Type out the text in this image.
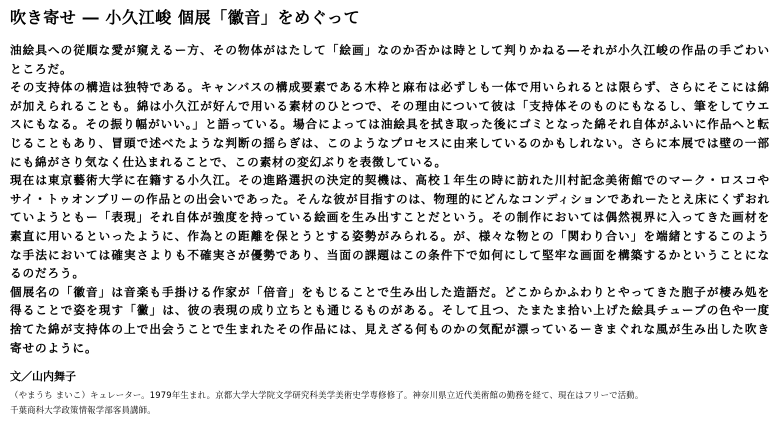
吹き寄せ ― 小久江峻 個展「徽音」をめぐって

油絵具への従順な愛が窺えるー方、その物体がはたして「絵画」なのか否かは時として判りかねる―それが小久江峻の作品の手ごわいところだ。

その支持体の構造は独特である。キャンバスの構成要素である木枠と麻布は必ずしも一体で用いられるとは限らず、さらにそこには綿が加えられることも。綿は小久江が好んで用いる素材のひとつで、その理由について彼は「支持体そのものにもなるし、筆をしてウエスにもなる。その振り幅がいい。」と語っている。場合によっては油絵具を拭き取った後にゴミとなった綿それ自体がふいに作品へと転じることもあり、冒頭で述べたような判断の揺らぎは、このようなプロセスに由来しているのかもしれない。さらに本展では壁の一部にも綿がさり気なく仕込まれることで、この素材の変幻ぶりを表徴している。

現在は東京藝術大学に在籍する小久江。その進路選択の決定的契機は、高校１年生の時に訪れた川村記念美術館でのマーク・ロスコやサイ・トゥオンブリーの作品との出会いであった。そんな彼が目指すのは、物理的にどんなコンディションであれーたとえ床にくずおれていようともー「表現」それ自体が強度を持っている絵画を生み出すことだという。その制作においては偶然視界に入ってきた画材を素直に用いるといったように、作為との距離を保とうとする姿勢がみられる。が、様々な物との「関わり合い」を端緒とするこのような手法においては確実さよりも不確実さが優勢であり、当面の課題はこの条件下で如何にして堅牢な画面を構築するかということになるのだろう。

個展名の「徽音」は音楽も手掛ける作家が「倍音」をもじることで生み出した造語だ。どこからかふわりとやってきた胞子が棲み処を得ることで姿を現す「黴」は、彼の表現の成り立ちとも通じるものがある。そして且つ、たまたま拾い上げた絵具チューブの色や一度捨てた綿が支持体の上で出会うことで生まれたその作品には、見えざる何ものかの気配が漂っているーきまぐれな風が生み出した吹き寄せのように。

文／山内舞子
（やまうち まいこ）キュレーター。1979年生まれ。京都大学大学院文学研究科美学美術史学専修修了。神奈川県立近代美術館の勤務を経て、現在はフリーで活動。
千葉商科大学政策情報学部客員講師。
